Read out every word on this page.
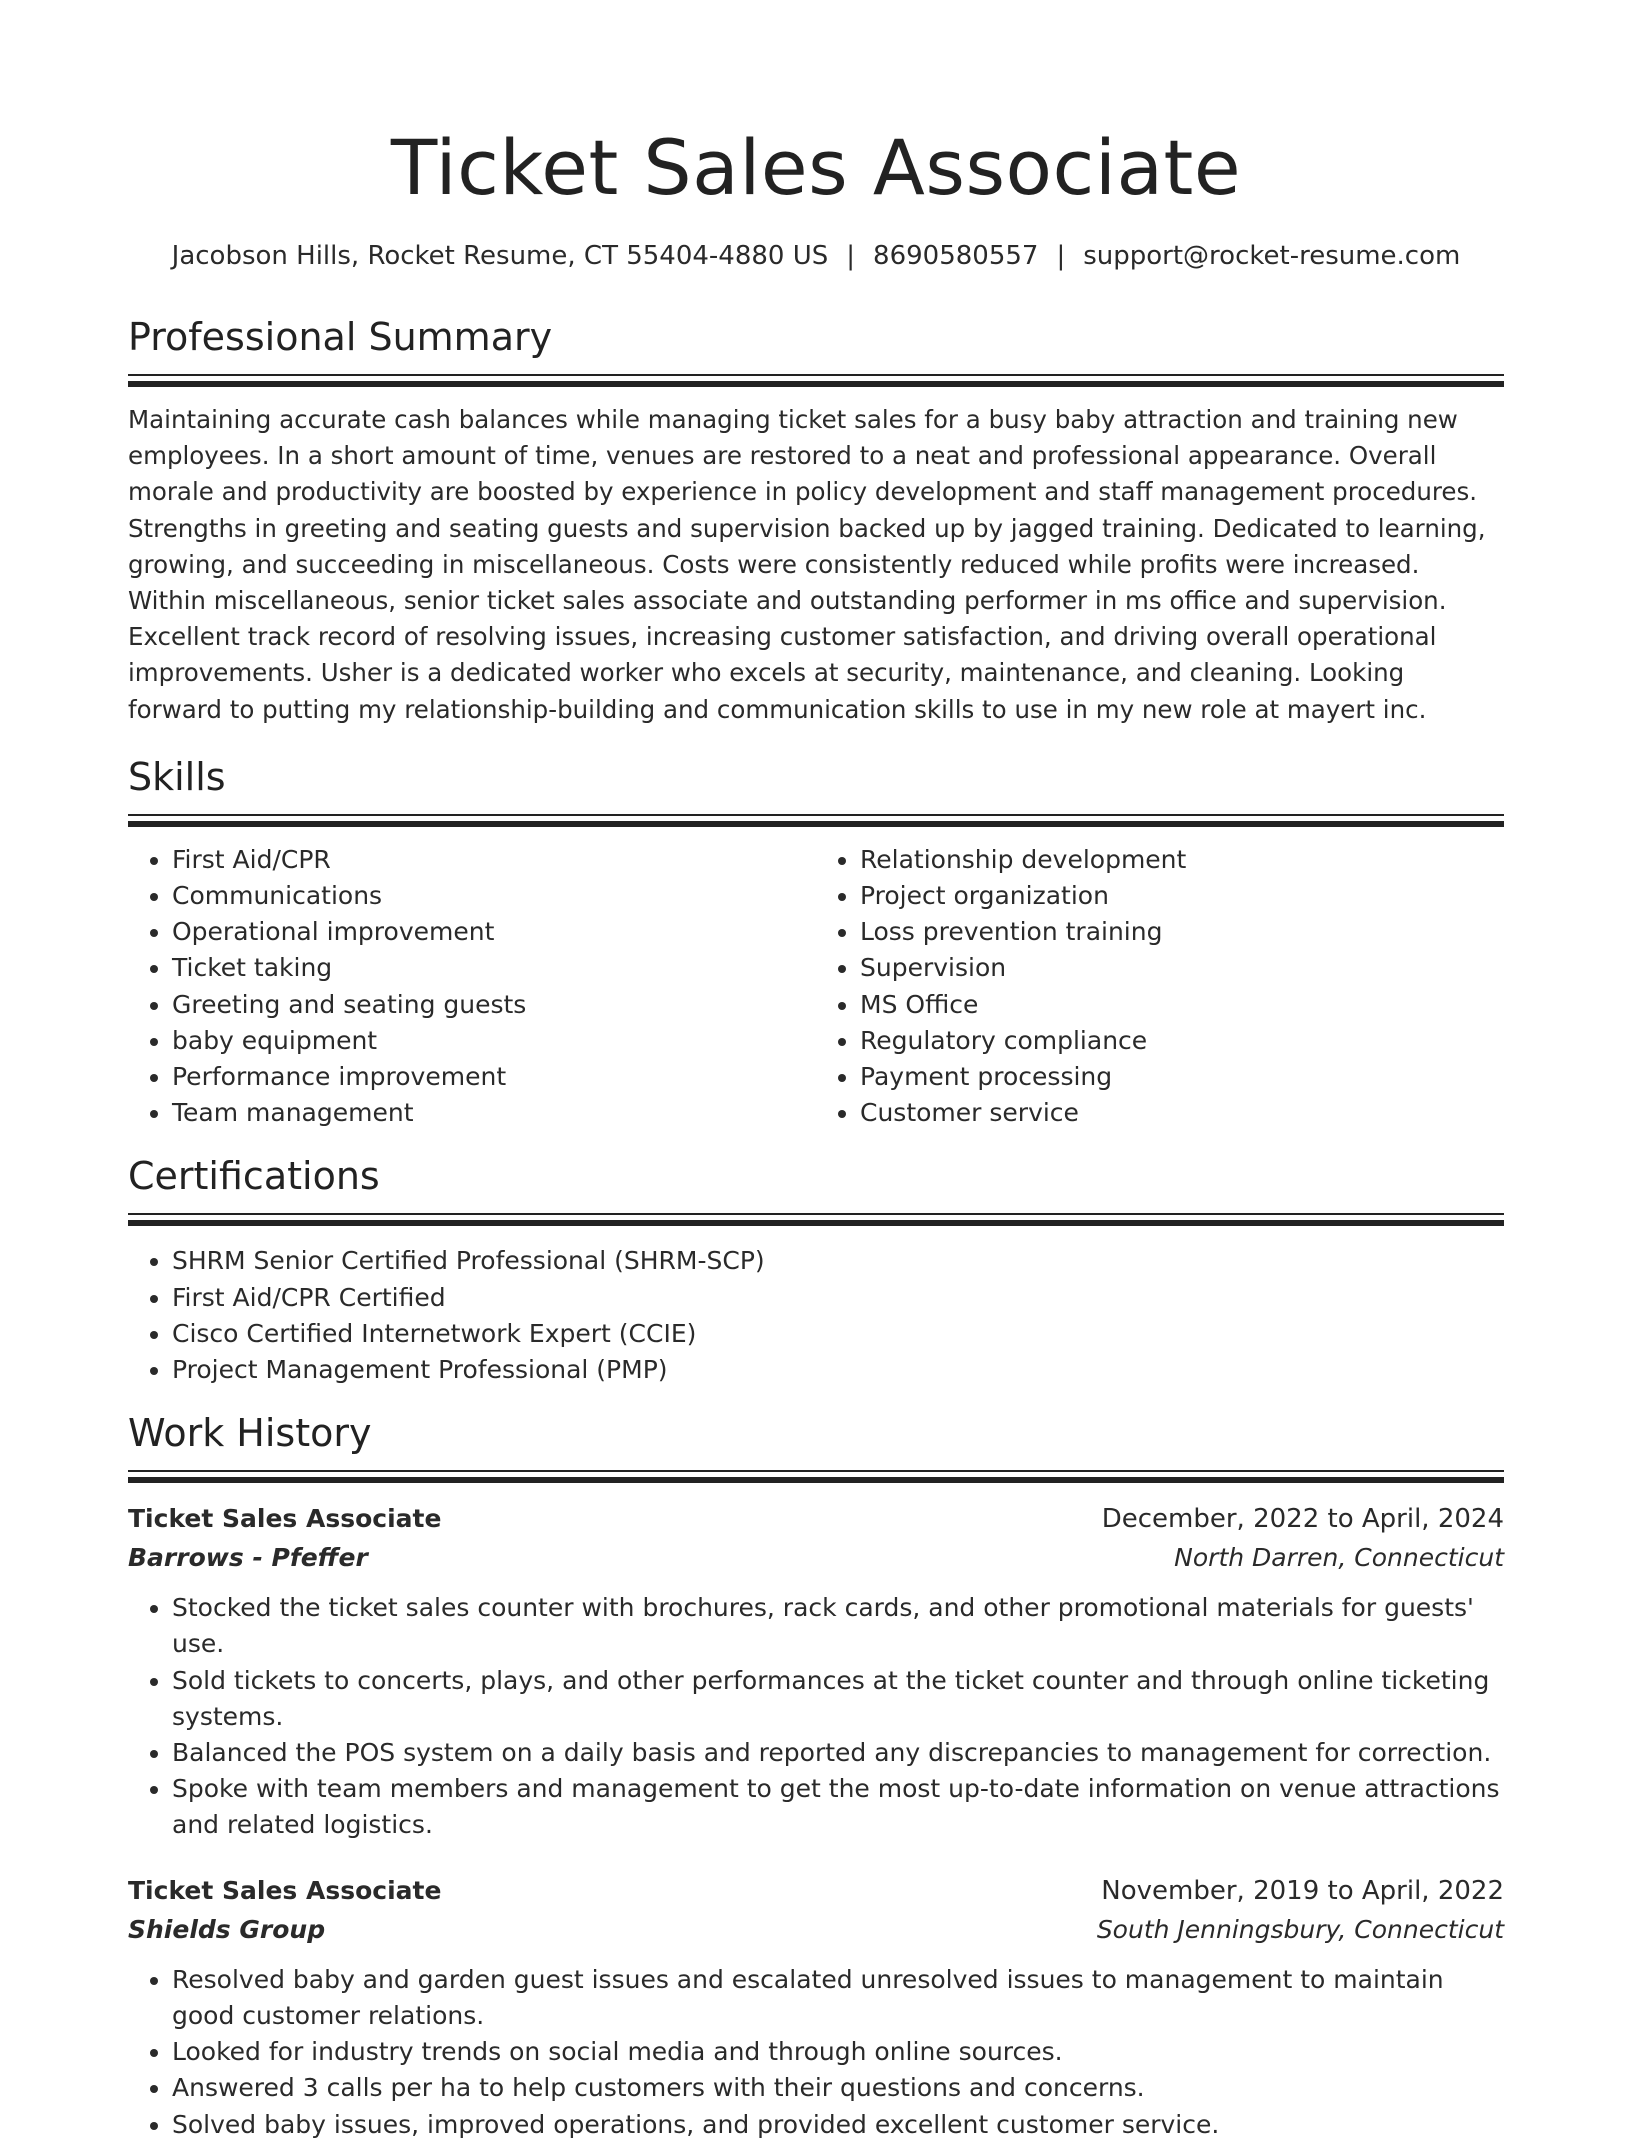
Ticket Sales Associate
Jacobson Hills, Rocket Resume, CT 55404-4880 US | 8690580557 | support@rocket-resume.com
Professional Summary

Maintaining accurate cash balances while managing ticket sales for a busy baby attraction and training new employees. In a short amount of time, venues are restored to a neat and professional appearance. Overall morale and productivity are boosted by experience in policy development and staff management procedures. Strengths in greeting and seating guests and supervision backed up by jagged training. Dedicated to learning, growing, and succeeding in miscellaneous. Costs were consistently reduced while profits were increased. Within miscellaneous, senior ticket sales associate and outstanding performer in ms office and supervision. Excellent track record of resolving issues, increasing customer satisfaction, and driving overall operational improvements. Usher is a dedicated worker who excels at security, maintenance, and cleaning. Looking forward to putting my relationship-building and communication skills to use in my new role at mayert inc.

Skills
• First Aid/CPR
• Communications
• Operational improvement
• Ticket taking
• Greeting and seating guests
• baby equipment
• Performance improvement
• Team management
• Relationship development
• Project organization
• Loss prevention training
• Supervision
• MS Office
• Regulatory compliance
• Payment processing
• Customer service
Certifications
• SHRM Senior Certified Professional (SHRM-SCP)
• First Aid/CPR Certified
• Cisco Certified Internetwork Expert (CCIE)
• Project Management Professional (PMP)
Work History
Ticket Sales Associate	December, 2022 to April, 2024
Barrows - Pfeffer	North Darren, Connecticut
• Stocked the ticket sales counter with brochures, rack cards, and other promotional materials for guests' use.
• Sold tickets to concerts, plays, and other performances at the ticket counter and through online ticketing systems.
• Balanced the POS system on a daily basis and reported any discrepancies to management for correction.
• Spoke with team members and management to get the most up-to-date information on venue attractions and related logistics.
Ticket Sales Associate	November, 2019 to April, 2022
Shields Group	South Jenningsbury, Connecticut
• Resolved baby and garden guest issues and escalated unresolved issues to management to maintain good customer relations.
• Looked for industry trends on social media and through online sources.
• Answered 3 calls per ha to help customers with their questions and concerns.
• Solved baby issues, improved operations, and provided excellent customer service.
